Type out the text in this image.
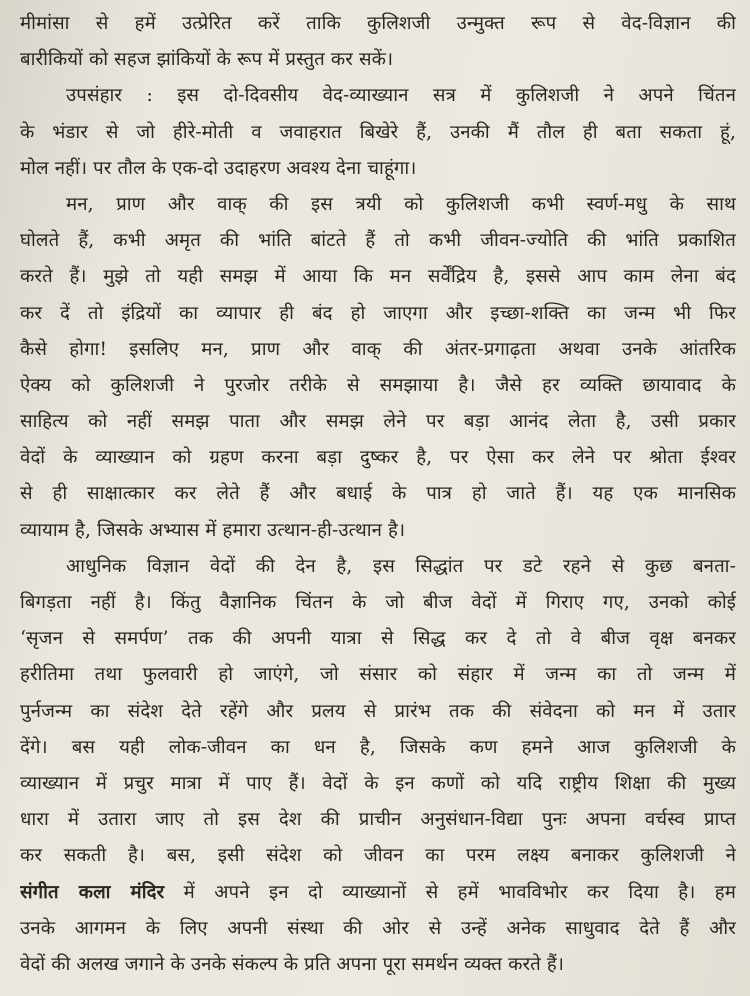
मीमांसा से हमें उत्प्रेरित करें ताकि कुलिशजी उन्मुक्त रूप से वेद-विज्ञान की
बारीकियों को सहज झांकियों के रूप में प्रस्तुत कर सकें।
उपसंहार : इस दो-दिवसीय वेद-व्याख्यान सत्र में कुलिशजी ने अपने चिंतन
के भंडार से जो हीरे-मोती व जवाहरात बिखेरे हैं, उनकी मैं तौल ही बता सकता हूं,
मोल नहीं। पर तौल के एक-दो उदाहरण अवश्य देना चाहूंगा।
मन, प्राण और वाक् की इस त्रयी को कुलिशजी कभी स्वर्ण-मधु के साथ
घोलते हैं, कभी अमृत की भांति बांटते हैं तो कभी जीवन-ज्योति की भांति प्रकाशित
करते हैं। मुझे तो यही समझ में आया कि मन सर्वेंद्रिय है, इससे आप काम लेना बंद
कर दें तो इंद्रियों का व्यापार ही बंद हो जाएगा और इच्छा-शक्ति का जन्म भी फिर
कैसे होगा! इसलिए मन, प्राण और वाक् की अंतर-प्रगाढ़ता अथवा उनके आंतरिक
ऐक्य को कुलिशजी ने पुरजोर तरीके से समझाया है। जैसे हर व्यक्ति छायावाद के
साहित्य को नहीं समझ पाता और समझ लेने पर बड़ा आनंद लेता है, उसी प्रकार
वेदों के व्याख्यान को ग्रहण करना बड़ा दुष्कर है, पर ऐसा कर लेने पर श्रोता ईश्वर
से ही साक्षात्कार कर लेते हैं और बधाई के पात्र हो जाते हैं। यह एक मानसिक
व्यायाम है, जिसके अभ्यास में हमारा उत्थान-ही-उत्थान है।
आधुनिक विज्ञान वेदों की देन है, इस सिद्धांत पर डटे रहने से कुछ बनता-
बिगड़ता नहीं है। किंतु वैज्ञानिक चिंतन के जो बीज वेदों में गिराए गए, उनको कोई
‘सृजन से समर्पण’ तक की अपनी यात्रा से सिद्ध कर दे तो वे बीज वृक्ष बनकर
हरीतिमा तथा फुलवारी हो जाएंगे, जो संसार को संहार में जन्म का तो जन्म में
पुर्नजन्म का संदेश देते रहेंगे और प्रलय से प्रारंभ तक की संवेदना को मन में उतार
देंगे। बस यही लोक-जीवन का धन है, जिसके कण हमने आज कुलिशजी के
व्याख्यान में प्रचुर मात्रा में पाए हैं। वेदों के इन कणों को यदि राष्ट्रीय शिक्षा की मुख्य
धारा में उतारा जाए तो इस देश की प्राचीन अनुसंधान-विद्या पुनः अपना वर्चस्व प्राप्त
कर सकती है। बस, इसी संदेश को जीवन का परम लक्ष्य बनाकर कुलिशजी ने
संगीत कला मंदिर में अपने इन दो व्याख्यानों से हमें भावविभोर कर दिया है। हम
उनके आगमन के लिए अपनी संस्था की ओर से उन्हें अनेक साधुवाद देते हैं और
वेदों की अलख जगाने के उनके संकल्प के प्रति अपना पूरा समर्थन व्यक्त करते हैं।
